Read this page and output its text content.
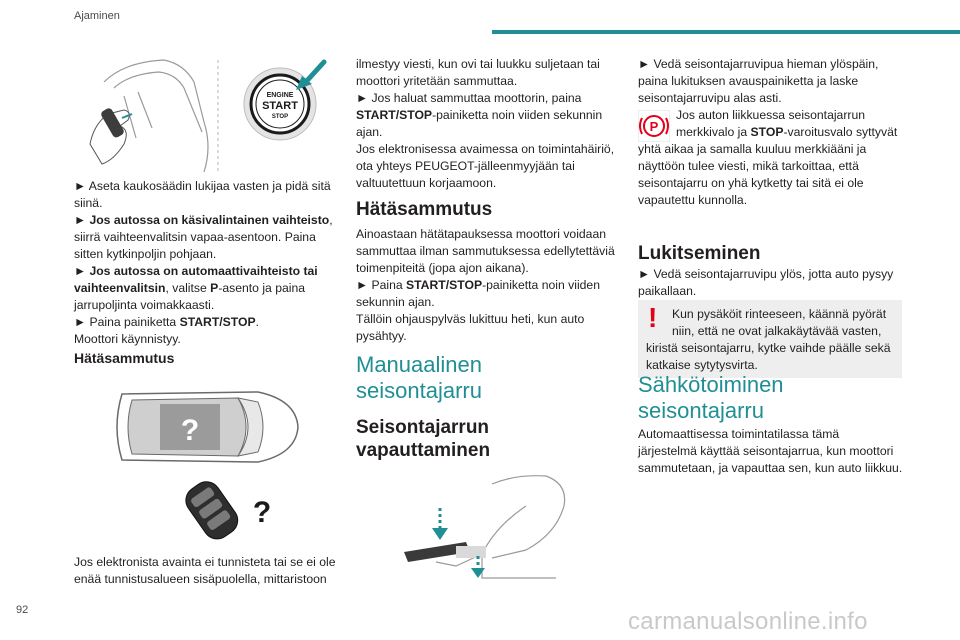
Ajaminen
ENGINE
START
STOP

► Aseta kaukosäädin lukijaa vasten ja pidä sitä

siinä.

► Jos autossa on käsivalintainen vaihteisto,

siirrä vaihteenvalitsin vapaa-asentoon. Paina

sitten kytkinpoljin pohjaan.

► Jos autossa on automaattivaihteisto tai

vaihteenvalitsin, valitse P-asento ja paina

jarrupoljinta voimakkaasti.

► Paina painiketta START/STOP.

Moottori käynnistyy.

Hätäsammutus
?
?

Jos elektronista avainta ei tunnisteta tai se ei ole

enää tunnistusalueen sisäpuolella, mittaristoon

ilmestyy viesti, kun ovi tai luukku suljetaan tai

moottori yritetään sammuttaa.

► Jos haluat sammuttaa moottorin, paina

START/STOP-painiketta noin viiden sekunnin

ajan.

Jos elektronisessa avaimessa on toimintahäiriö,

ota yhteys PEUGEOT-jälleenmyyjään tai

valtuutettuun korjaamoon.

Hätäsammutus

Ainoastaan hätätapauksessa moottori voidaan

sammuttaa ilman sammutuksessa edellytettäviä

toimenpiteitä (jopa ajon aikana).

► Paina START/STOP-painiketta noin viiden

sekunnin ajan.

Tällöin ohjauspylväs lukittuu heti, kun auto

pysähtyy.

Manuaalinen
seisontajarru
Seisontajarrun
vapauttaminen

► Vedä seisontajarruvipua hieman ylöspäin,

paina lukituksen avauspainiketta ja laske

seisontajarruvipu alas asti.

P

Jos auton liikkuessa seisontajarrun

merkkivalo ja STOP-varoitusvalo syttyvät

yhtä aikaa ja samalla kuuluu merkkiääni ja

näyttöön tulee viesti, mikä tarkoittaa, että

seisontajarru on yhä kytketty tai sitä ei ole

vapautettu kunnolla.

Lukitseminen

► Vedä seisontajarruvipu ylös, jotta auto pysyy

paikallaan.

!	Kun pysäköit rinteeseen, käännä pyörät

niin, että ne ovat jalkakäytävää vasten,

kiristä seisontajarru, kytke vaihde päälle sekä

katkaise sytytysvirta.

Sähkötoiminen
seisontajarru

Automaattisessa toimintatilassa tämä

järjestelmä käyttää seisontajarrua, kun moottori

sammutetaan, ja vapauttaa sen, kun auto liikkuu.

92	carmanualsonline.info
